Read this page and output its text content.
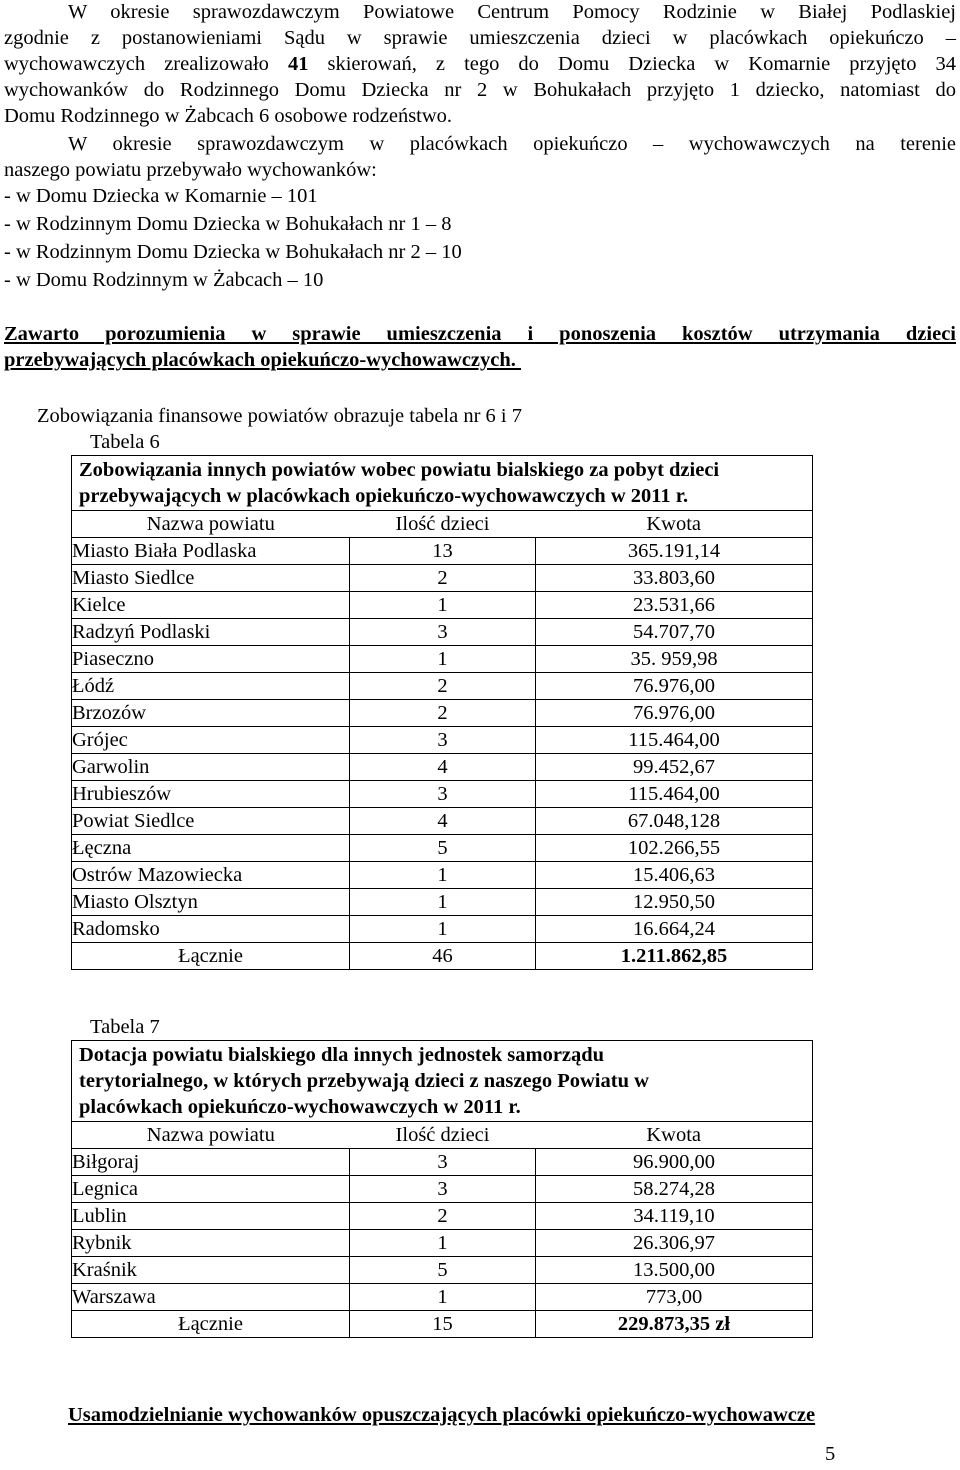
W okresie sprawozdawczym Powiatowe Centrum Pomocy Rodzinie w Białej Podlaskiej
zgodnie z postanowieniami Sądu w sprawie umieszczenia dzieci w placówkach opiekuńczo –
wychowawczych zrealizowało 41 skierowań, z tego do Domu Dziecka w Komarnie przyjęto 34
wychowanków do Rodzinnego Domu Dziecka nr 2 w Bohukałach przyjęto 1 dziecko, natomiast do
Domu Rodzinnego w Żabcach 6 osobowe rodzeństwo.
W okresie sprawozdawczym w placówkach opiekuńczo – wychowawczych na terenie
naszego powiatu przebywało wychowanków:
- w Domu Dziecka w Komarnie – 101
- w Rodzinnym Domu Dziecka w Bohukałach nr 1 – 8
- w Rodzinnym Domu Dziecka w Bohukałach nr 2 – 10
- w Domu Rodzinnym w Żabcach – 10
Zawarto porozumienia w sprawie umieszczenia i ponoszenia kosztów utrzymania dzieci
przebywających placówkach opiekuńczo-wychowawczych.
Zobowiązania finansowe powiatów obrazuje tabela nr 6 i 7
Tabela 6
Zobowiązania innych powiatów wobec powiatu bialskiego za pobyt dzieci przebywających w placówkach opiekuńczo-wychowawczych w 2011 r.		

Nazwa powiatu Ilość dzieci Kwota		

Miasto Biała Podlaska	13	365.191,14
Miasto Siedlce	2	33.803,60
Kielce	1	23.531,66
Radzyń Podlaski	3	54.707,70
Piaseczno	1	35. 959,98
Łódź	2	76.976,00
Brzozów	2	76.976,00
Grójec	3	115.464,00
Garwolin	4	99.452,67
Hrubieszów	3	115.464,00
Powiat Siedlce	4	67.048,128
Łęczna	5	102.266,55
Ostrów Mazowiecka	1	15.406,63
Miasto Olsztyn	1	12.950,50
Radomsko	1	16.664,24
Łącznie	46	1.211.862,85
Tabela 7
Dotacja powiatu bialskiego dla innych jednostek samorządu
terytorialnego, w których przebywają dzieci z naszego Powiatu w
placówkach opiekuńczo-wychowawczych w 2011 r.		

Nazwa powiatu Ilość dzieci Kwota		

Biłgoraj	3	96.900,00
Legnica	3	58.274,28
Lublin	2	34.119,10
Rybnik	1	26.306,97
Kraśnik	5	13.500,00
Warszawa	1	773,00
Łącznie	15	229.873,35 zł
Usamodzielnianie wychowanków opuszczających placówki opiekuńczo-wychowawcze
5
